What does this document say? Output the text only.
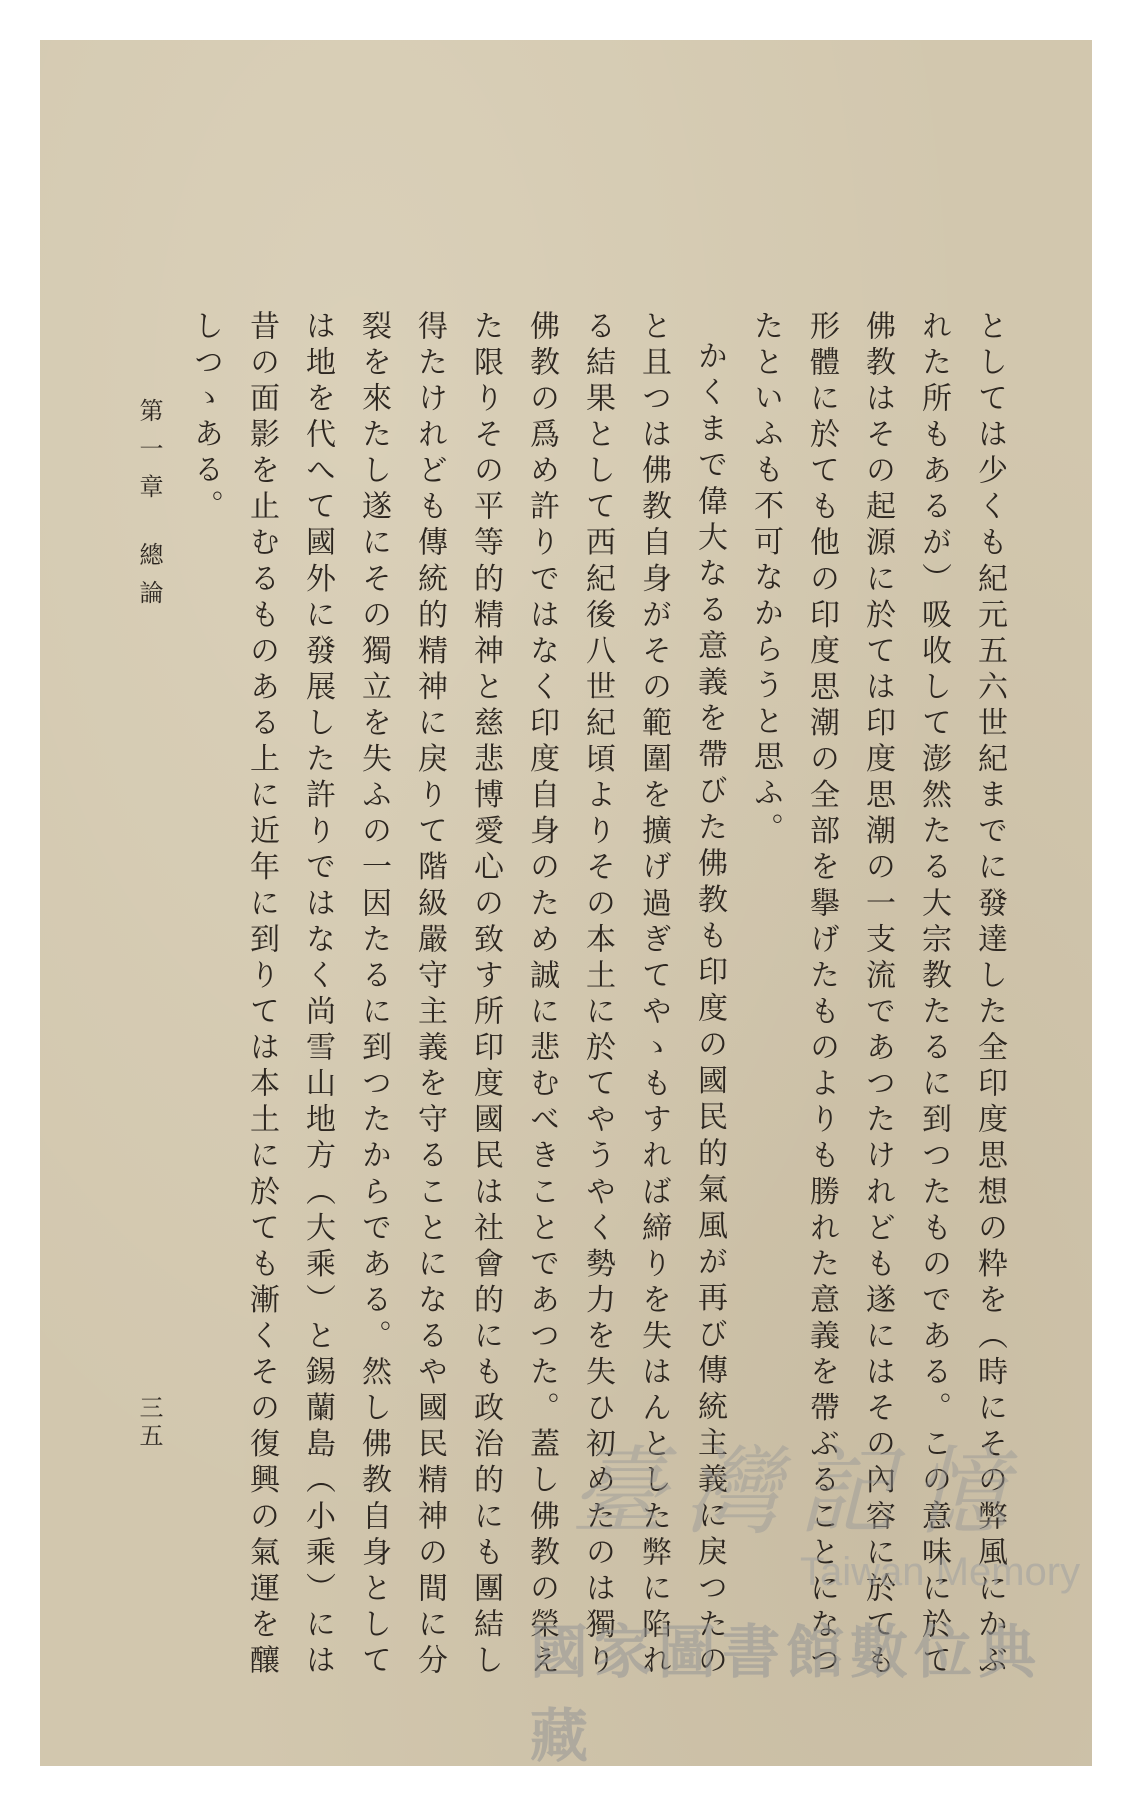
としては少くも紀元五六世紀までに發達した全印度思想の粋を（時にその弊風にかぶれた所もあるが）吸收して澎然たる大宗教たるに到つたものである。この意味に於て佛教はその起源に於ては印度思潮の一支流であつたけれども遂にはその內容に於ても形體に於ても他の印度思潮の全部を擧げたものよりも勝れた意義を帶ぶることになつたといふも不可なからうと思ふ。

かくまで偉大なる意義を帶びた佛教も印度の國民的氣風が再び傳統主義に戾つたのと且つは佛教自身がその範圍を擴げ過ぎてやゝもすれば締りを失はんとした弊に陷れる結果として西紀後八世紀頃よりその本土に於てやうやく勢力を失ひ初めたのは獨り佛教の爲め許りではなく印度自身のため誠に悲むべきことであつた。蓋し佛教の榮えた限りその平等的精神と慈悲博愛心の致す所印度國民は社會的にも政治的にも團結し得たけれども傳統的精神に戾りて階級嚴守主義を守ることになるや國民精神の間に分裂を來たし遂にその獨立を失ふの一因たるに到つたからである。然し佛教自身としては地を代へて國外に發展した許りではなく尚雪山地方（大乘）と錫蘭島（小乘）には昔の面影を止むるものある上に近年に到りては本土に於ても漸くその復興の氣運を釀しつゝある。

第一章總論
三五
臺灣記憶
Taiwan Memory
國家圖書館數位典藏
